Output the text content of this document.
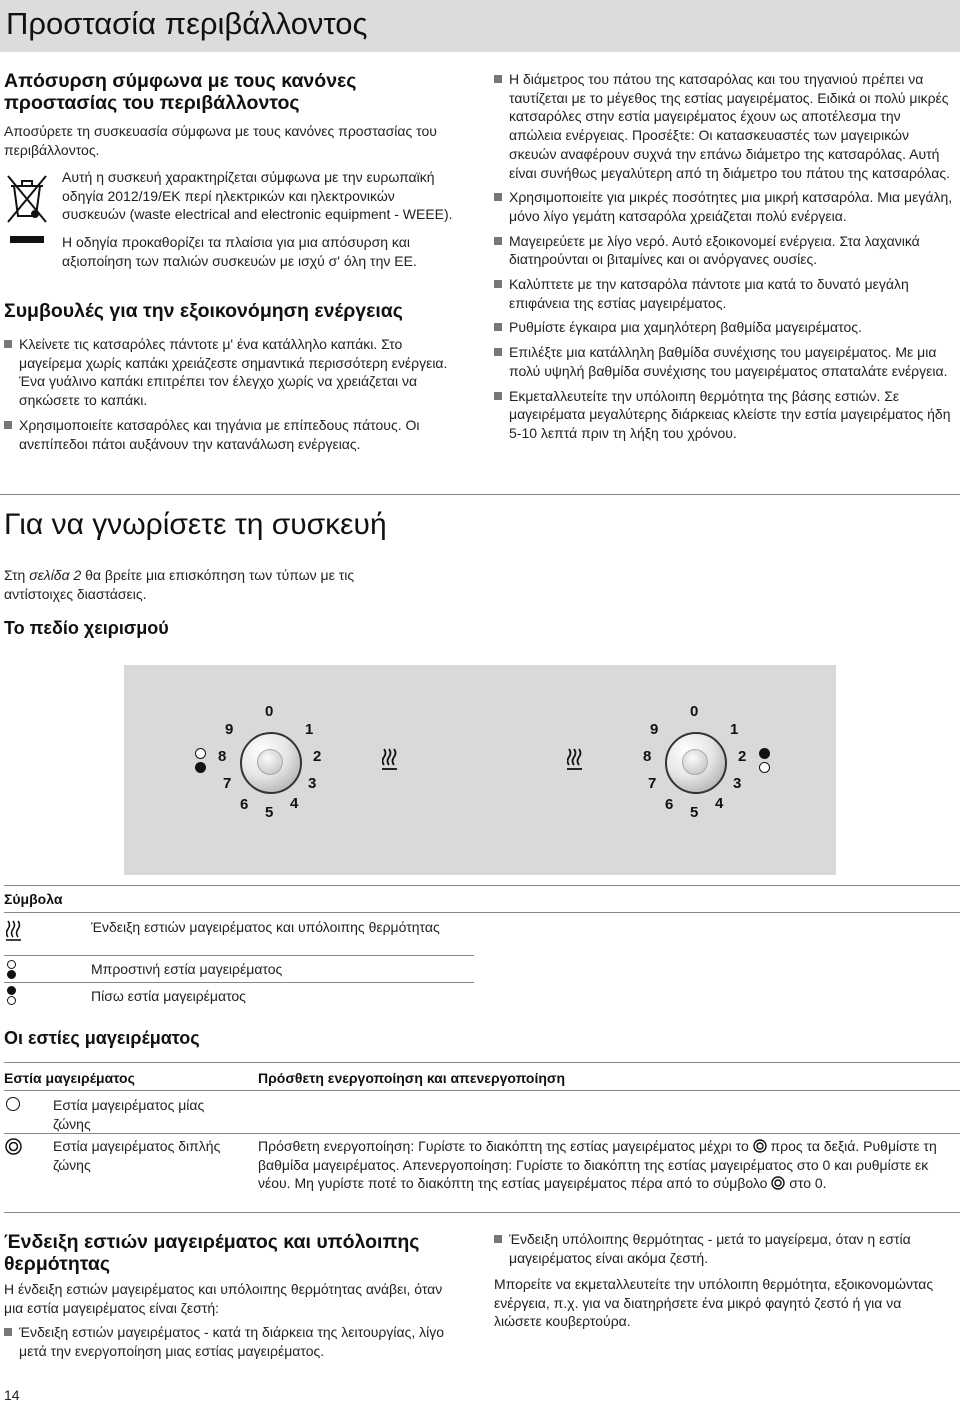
Προστασία περιβάλλοντος
Απόσυρση σύμφωνα με τους κανόνες προστασίας του περιβάλλοντος

Αποσύρετε τη συσκευασία σύμφωνα με τους κανόνες προστασίας του περιβάλλοντος.

Αυτή η συσκευή χαρακτηρίζεται σύμφωνα με την ευρωπαϊκή οδηγία 2012/19/ΕΚ περί ηλεκτρικών και ηλεκτρονικών συσκευών (waste electrical and electronic equipment - WEEE).

Η οδηγία προκαθορίζει τα πλαίσια για μια απόσυρση και αξιοποίηση των παλιών συσκευών με ισχύ σ' όλη την ΕΕ.

Συμβουλές για την εξοικονόμηση ενέργειας
Κλείνετε τις κατσαρόλες πάντοτε μ' ένα κατάλληλο καπάκι. Στο μαγείρεμα χωρίς καπάκι χρειάζεστε σημαντικά περισσότερη ενέργεια. Ένα γυάλινο καπάκι επιτρέπει τον έλεγχο χωρίς να χρειάζεται να σηκώσετε το καπάκι.
Χρησιμοποιείτε κατσαρόλες και τηγάνια με επίπεδους πάτους. Οι ανεπίπεδοι πάτοι αυξάνουν την κατανάλωση ενέργειας.
Η διάμετρος του πάτου της κατσαρόλας και του τηγανιού πρέπει να ταυτίζεται με το μέγεθος της εστίας μαγειρέματος. Ειδικά οι πολύ μικρές κατσαρόλες στην εστία μαγειρέματος έχουν ως αποτέλεσμα την απώλεια ενέργειας. Προσέξτε: Οι κατασκευαστές των μαγειρικών σκευών αναφέρουν συχνά την επάνω διάμετρο της κατσαρόλας. Αυτή είναι συνήθως μεγαλύτερη από τη διάμετρο του πάτου της κατσαρόλας.
Χρησιμοποιείτε για μικρές ποσότητες μια μικρή κατσαρόλα. Μια μεγάλη, μόνο λίγο γεμάτη κατσαρόλα χρειάζεται πολύ ενέργεια.
Μαγειρεύετε με λίγο νερό. Αυτό εξοικονομεί ενέργεια. Στα λαχανικά διατηρούνται οι βιταμίνες και οι ανόργανες ουσίες.
Καλύπτετε με την κατσαρόλα πάντοτε μια κατά το δυνατό μεγάλη επιφάνεια της εστίας μαγειρέματος.
Ρυθμίστε έγκαιρα μια χαμηλότερη βαθμίδα μαγειρέματος.
Επιλέξτε μια κατάλληλη βαθμίδα συνέχισης του μαγειρέματος. Με μια πολύ υψηλή βαθμίδα συνέχισης του μαγειρέματος σπαταλάτε ενέργεια.
Εκμεταλλευτείτε την υπόλοιπη θερμότητα της βάσης εστιών. Σε μαγειρέματα μεγαλύτερης διάρκειας κλείστε την εστία μαγειρέματος ήδη 5-10 λεπτά πριν τη λήξη του χρόνου.
Για να γνωρίσετε τη συσκευή

Στη σελίδα 2 θα βρείτε μια επισκόπηση των τύπων με τις αντίστοιχες διαστάσεις.

Το πεδίο χειρισμού
0
1
2
3
4
5
6
7
8
9
0
1
2
3
4
5
6
7
8
9
Σύμβολα
Ένδειξη εστιών μαγειρέματος και υπόλοιπης θερμότητας
Μπροστινή εστία μαγειρέματος
Πίσω εστία μαγειρέματος
Οι εστίες μαγειρέματος
Εστία μαγειρέματος	Πρόσθετη ενεργοποίηση και απενεργοποίηση
Εστία μαγειρέματος μίας ζώνης
Εστία μαγειρέματος διπλής ζώνης
Πρόσθετη ενεργοποίηση: Γυρίστε το διακόπτη της εστίας μαγειρέματος μέχρι το προς τα δεξιά. Ρυθμίστε τη βαθμίδα μαγειρέματος. Απενεργοποίηση: Γυρίστε το διακόπτη της εστίας μαγειρέματος στο 0 και ρυθμίστε εκ νέου. Μη γυρίστε ποτέ το διακόπτη της εστίας μαγειρέματος πέρα από το σύμβολο στο 0.
Ένδειξη εστιών μαγειρέματος και υπόλοιπης θερμότητας

Η ένδειξη εστιών μαγειρέματος και υπόλοιπης θερμότητας ανάβει, όταν μια εστία μαγειρέματος είναι ζεστή:

Ένδειξη εστιών μαγειρέματος - κατά τη διάρκεια της λειτουργίας, λίγο μετά την ενεργοποίηση μιας εστίας μαγειρέματος.
Ένδειξη υπόλοιπης θερμότητας - μετά το μαγείρεμα, όταν η εστία μαγειρέματος είναι ακόμα ζεστή.

Μπορείτε να εκμεταλλευτείτε την υπόλοιπη θερμότητα, εξοικονομώντας ενέργεια, π.χ. για να διατηρήσετε ένα μικρό φαγητό ζεστό ή για να λιώσετε κουβερτούρα.

14
